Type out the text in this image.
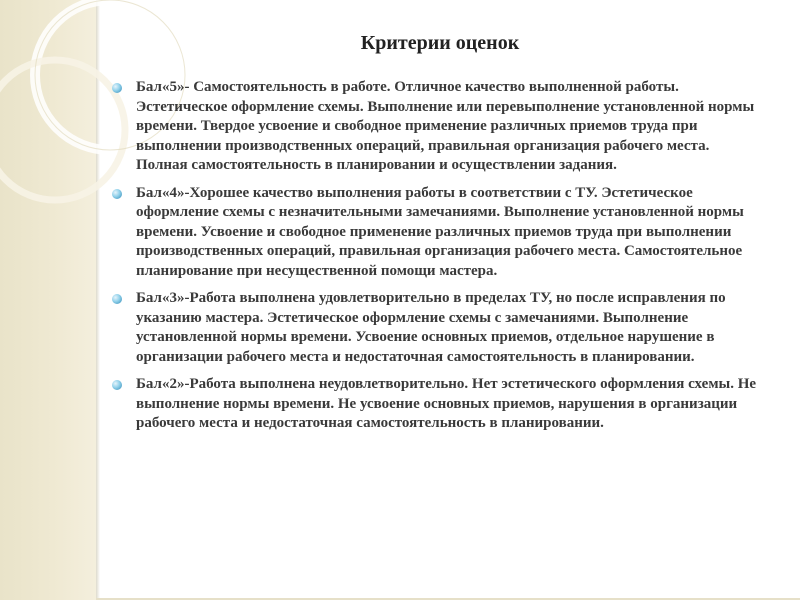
Критерии оценок
Бал«5»- Самостоятельность в работе. Отличное качество выполненной работы. Эстетическое оформление схемы. Выполнение или перевыполнение установленной нормы времени. Твердое усвоение и свободное применение различных приемов труда при выполнении производственных операций, правильная организация рабочего места. Полная самостоятельность в планировании и осуществлении задания.
Бал«4»-Хорошее качество выполнения работы в соответствии с ТУ. Эстетическое оформление схемы с незначительными замечаниями. Выполнение установленной нормы времени. Усвоение и свободное применение различных приемов труда при выполнении производственных операций, правильная организация рабочего места. Самостоятельное планирование при несущественной помощи мастера.
Бал«3»-Работа выполнена удовлетворительно в пределах ТУ, но после исправления по указанию мастера. Эстетическое оформление схемы с замечаниями. Выполнение установленной нормы времени. Усвоение основных приемов, отдельное нарушение в организации рабочего места и недостаточная самостоятельность в планировании.
Бал«2»-Работа выполнена неудовлетворительно. Нет эстетического оформления схемы. Не выполнение нормы времени. Не усвоение основных приемов, нарушения в организации рабочего места и недостаточная самостоятельность в планировании.
